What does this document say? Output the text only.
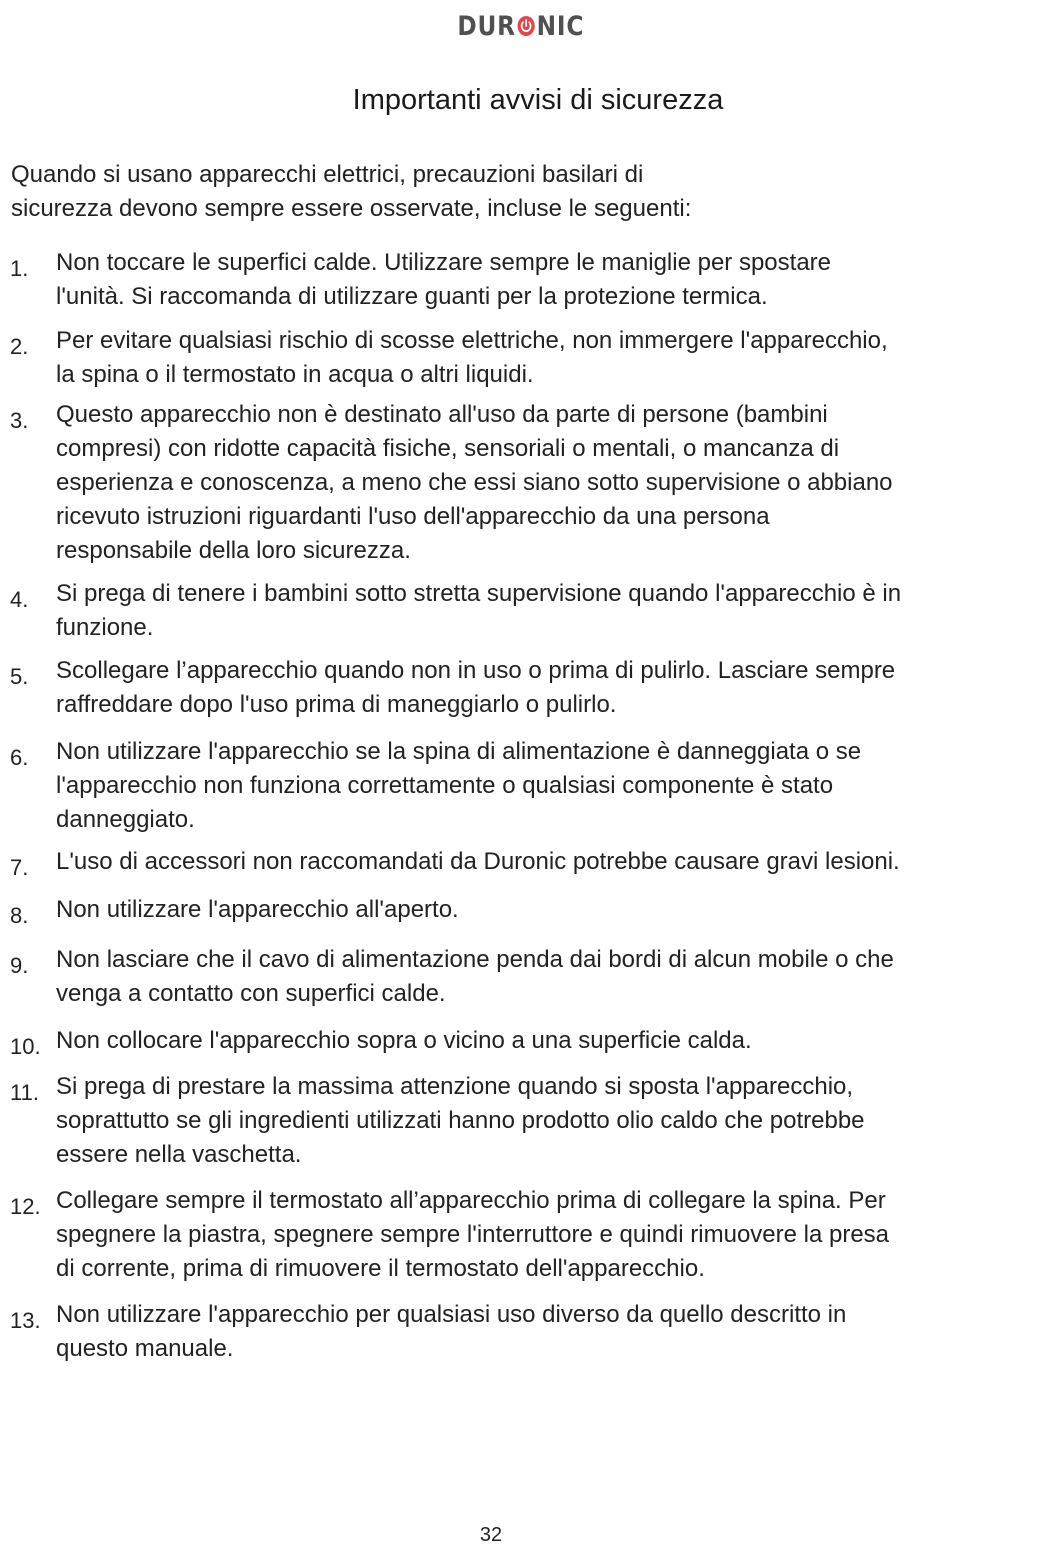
DUR NIC
Importanti avvisi di sicurezza

Quando si usano apparecchi elettrici, precauzioni basilari di
sicurezza devono sempre essere osservate, incluse le seguenti:

1. Non toccare le superfici calde. Utilizzare sempre le maniglie per spostare
l'unità. Si raccomanda di utilizzare guanti per la protezione termica.

2. Per evitare qualsiasi rischio di scosse elettriche, non immergere l'apparecchio,
la spina o il termostato in acqua o altri liquidi.

3. Questo apparecchio non è destinato all'uso da parte di persone (bambini
compresi) con ridotte capacità fisiche, sensoriali o mentali, o mancanza di
esperienza e conoscenza, a meno che essi siano sotto supervisione o abbiano
ricevuto istruzioni riguardanti l'uso dell'apparecchio da una persona
responsabile della loro sicurezza.

4. Si prega di tenere i bambini sotto stretta supervisione quando l'apparecchio è in
funzione.

5. Scollegare l’apparecchio quando non in uso o prima di pulirlo. Lasciare sempre
raffreddare dopo l'uso prima di maneggiarlo o pulirlo.

6. Non utilizzare l'apparecchio se la spina di alimentazione è danneggiata o se
l'apparecchio non funziona correttamente o qualsiasi componente è stato
danneggiato.

7. L'uso di accessori non raccomandati da Duronic potrebbe causare gravi lesioni.

8. Non utilizzare l'apparecchio all'aperto.

9. Non lasciare che il cavo di alimentazione penda dai bordi di alcun mobile o che
venga a contatto con superfici calde.

10. Non collocare l'apparecchio sopra o vicino a una superficie calda.

11. Si prega di prestare la massima attenzione quando si sposta l'apparecchio,
soprattutto se gli ingredienti utilizzati hanno prodotto olio caldo che potrebbe
essere nella vaschetta.

12. Collegare sempre il termostato all’apparecchio prima di collegare la spina. Per
spegnere la piastra, spegnere sempre l'interruttore e quindi rimuovere la presa
di corrente, prima di rimuovere il termostato dell'apparecchio.

13. Non utilizzare l'apparecchio per qualsiasi uso diverso da quello descritto in
questo manuale.

32
